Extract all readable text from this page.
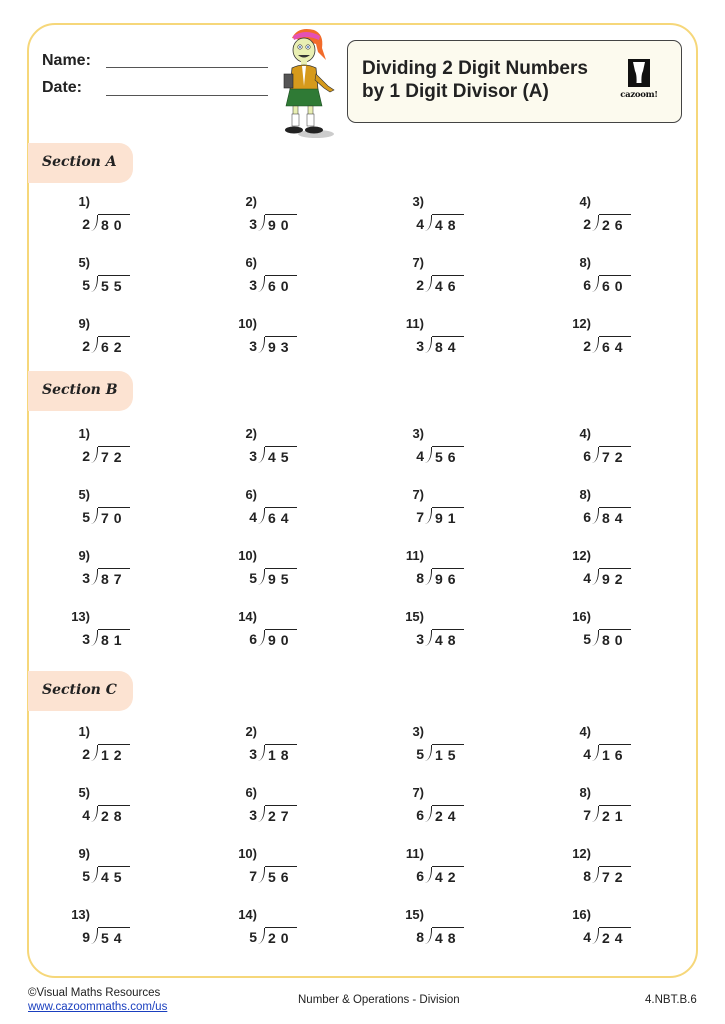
Name:
Date:
Dividing 2 Digit Numbers
by 1 Digit Divisor (A)	cazoom!
Section A
1)
2 80
2)
3 90
3)
4 48
4)
2 26
5)
5 55
6)
3 60
7)
2 46
8)
6 60
9)
2 62
10)
3 93
11)
3 84
12)
2 64
Section B
1)
2 72
2)
3 45
3)
4 56
4)
6 72
5)
5 70
6)
4 64
7)
7 91
8)
6 84
9)
3 87
10)
5 95
11)
8 96
12)
4 92
13)
3 81
14)
6 90
15)
3 48
16)
5 80
Section C
1)
2 12
2)
3 18
3)
5 15
4)
4 16
5)
4 28
6)
3 27
7)
6 24
8)
7 21
9)
5 45
10)
7 56
11)
6 42
12)
8 72
13)
9 54
14)
5 20
15)
8 48
16)
4 24
©Visual Maths Resources
www.cazoommaths.com/us
Number & Operations - Division	4.NBT.B.6
